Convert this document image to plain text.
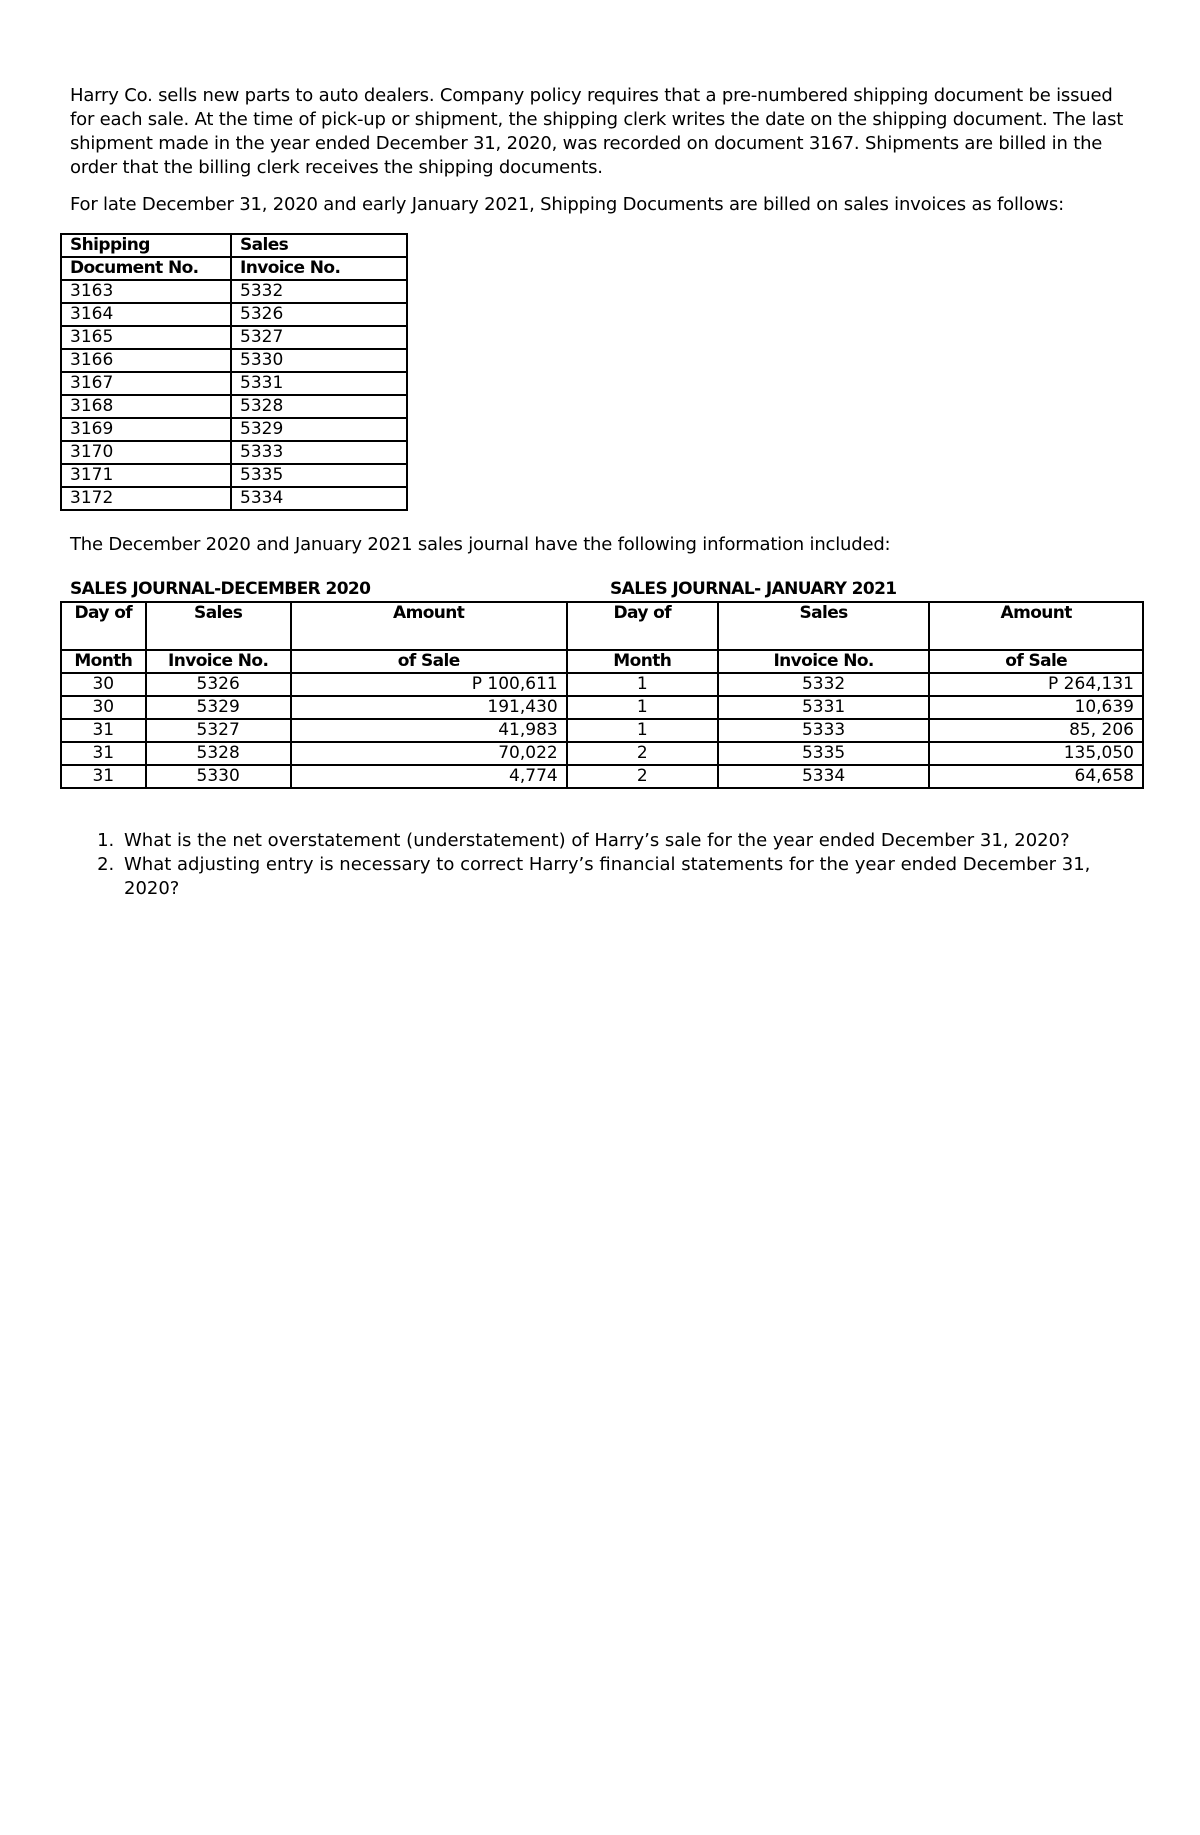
Harry Co. sells new parts to auto dealers. Company policy requires that a pre-numbered shipping document be issued for each sale. At the time of pick-up or shipment, the shipping clerk writes the date on the shipping document. The last shipment made in the year ended December 31, 2020, was recorded on document 3167. Shipments are billed in the order that the billing clerk receives the shipping documents.

For late December 31, 2020 and early January 2021, Shipping Documents are billed on sales invoices as follows:

Shipping	Sales
Document No.	Invoice No.
3163	5332
3164	5326
3165	5327
3166	5330
3167	5331
3168	5328
3169	5329
3170	5333
3171	5335
3172	5334

The December 2020 and January 2021 sales journal have the following information included:

SALES JOURNAL-DECEMBER 2020	SALES JOURNAL- JANUARY 2021
Day of	Sales	Amount	Day of	Sales	Amount
Month	Invoice No.	of Sale	Month	Invoice No.	of Sale
30	5326	P 100,611	1	5332	P 264,131
30	5329	191,430	1	5331	10,639
31	5327	41,983	1	5333	85, 206
31	5328	70,022	2	5335	135,050
31	5330	4,774	2	5334	64,658
1. What is the net overstatement (understatement) of Harry’s sale for the year ended December 31, 2020?
2. What adjusting entry is necessary to correct Harry’s financial statements for the year ended December 31, 2020?
